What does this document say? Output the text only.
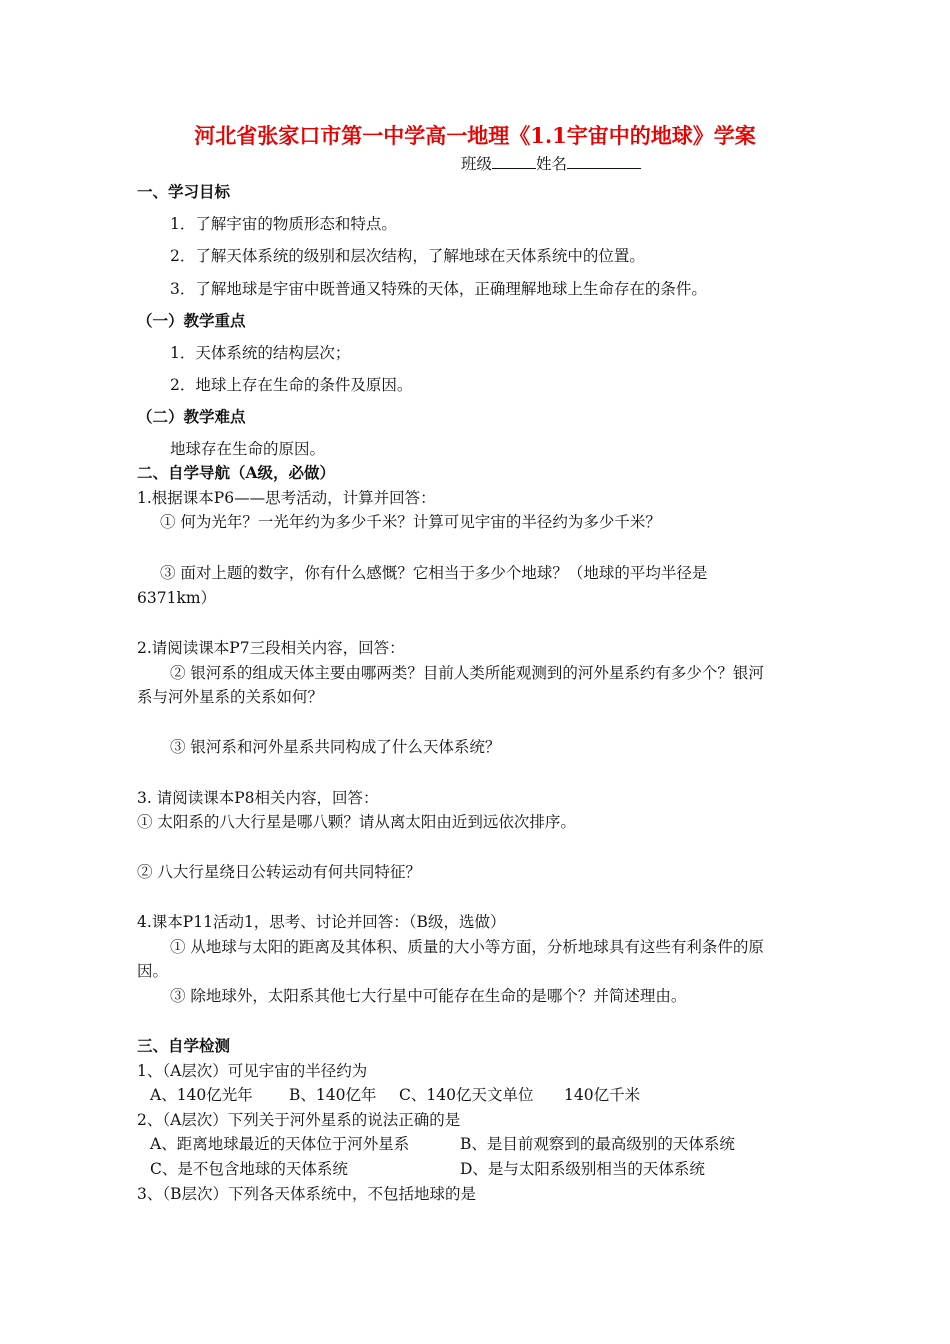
河北省张家口市第一中学高一地理《1.1宇宙中的地球》学案
班级	姓名
一、学习目标
1．了解宇宙的物质形态和特点。
2．了解天体系统的级别和层次结构，了解地球在天体系统中的位置。
3．了解地球是宇宙中既普通又特殊的天体，正确理解地球上生命存在的条件。
（一）教学重点
1．天体系统的结构层次；
2．地球上存在生命的条件及原因。
（二）教学难点
地球存在生命的原因。
二、自学导航（A级，必做）
1.根据课本P6——思考活动，计算并回答：
① 何为光年？一光年约为多少千米？计算可见宇宙的半径约为多少千米？
③ 面对上题的数字，你有什么感慨？它相当于多少个地球？（地球的平均半径是
6371km）
2.请阅读课本P7三段相关内容，回答：
② 银河系的组成天体主要由哪两类？目前人类所能观测到的河外星系约有多少个？银河
系与河外星系的关系如何？
③ 银河系和河外星系共同构成了什么天体系统？
3. 请阅读课本P8相关内容，回答：
① 太阳系的八大行星是哪八颗？请从离太阳由近到远依次排序。
② 八大行星绕日公转运动有何共同特征？
4.课本P11活动1，思考、讨论并回答：（B级，选做）
① 从地球与太阳的距离及其体积、质量的大小等方面，分析地球具有这些有利条件的原
因。
③ 除地球外，太阳系其他七大行星中可能存在生命的是哪个？并简述理由。
三、自学检测
1、（A层次）可见宇宙的半径约为
A、140亿光年 B、140亿年 C、140亿天文单位 140亿千米
2、（A层次）下列关于河外星系的说法正确的是
A、距离地球最近的天体位于河外星系	B、是目前观察到的最高级别的天体系统
C、是不包含地球的天体系统	D、是与太阳系级别相当的天体系统
3、（B层次）下列各天体系统中，不包括地球的是
